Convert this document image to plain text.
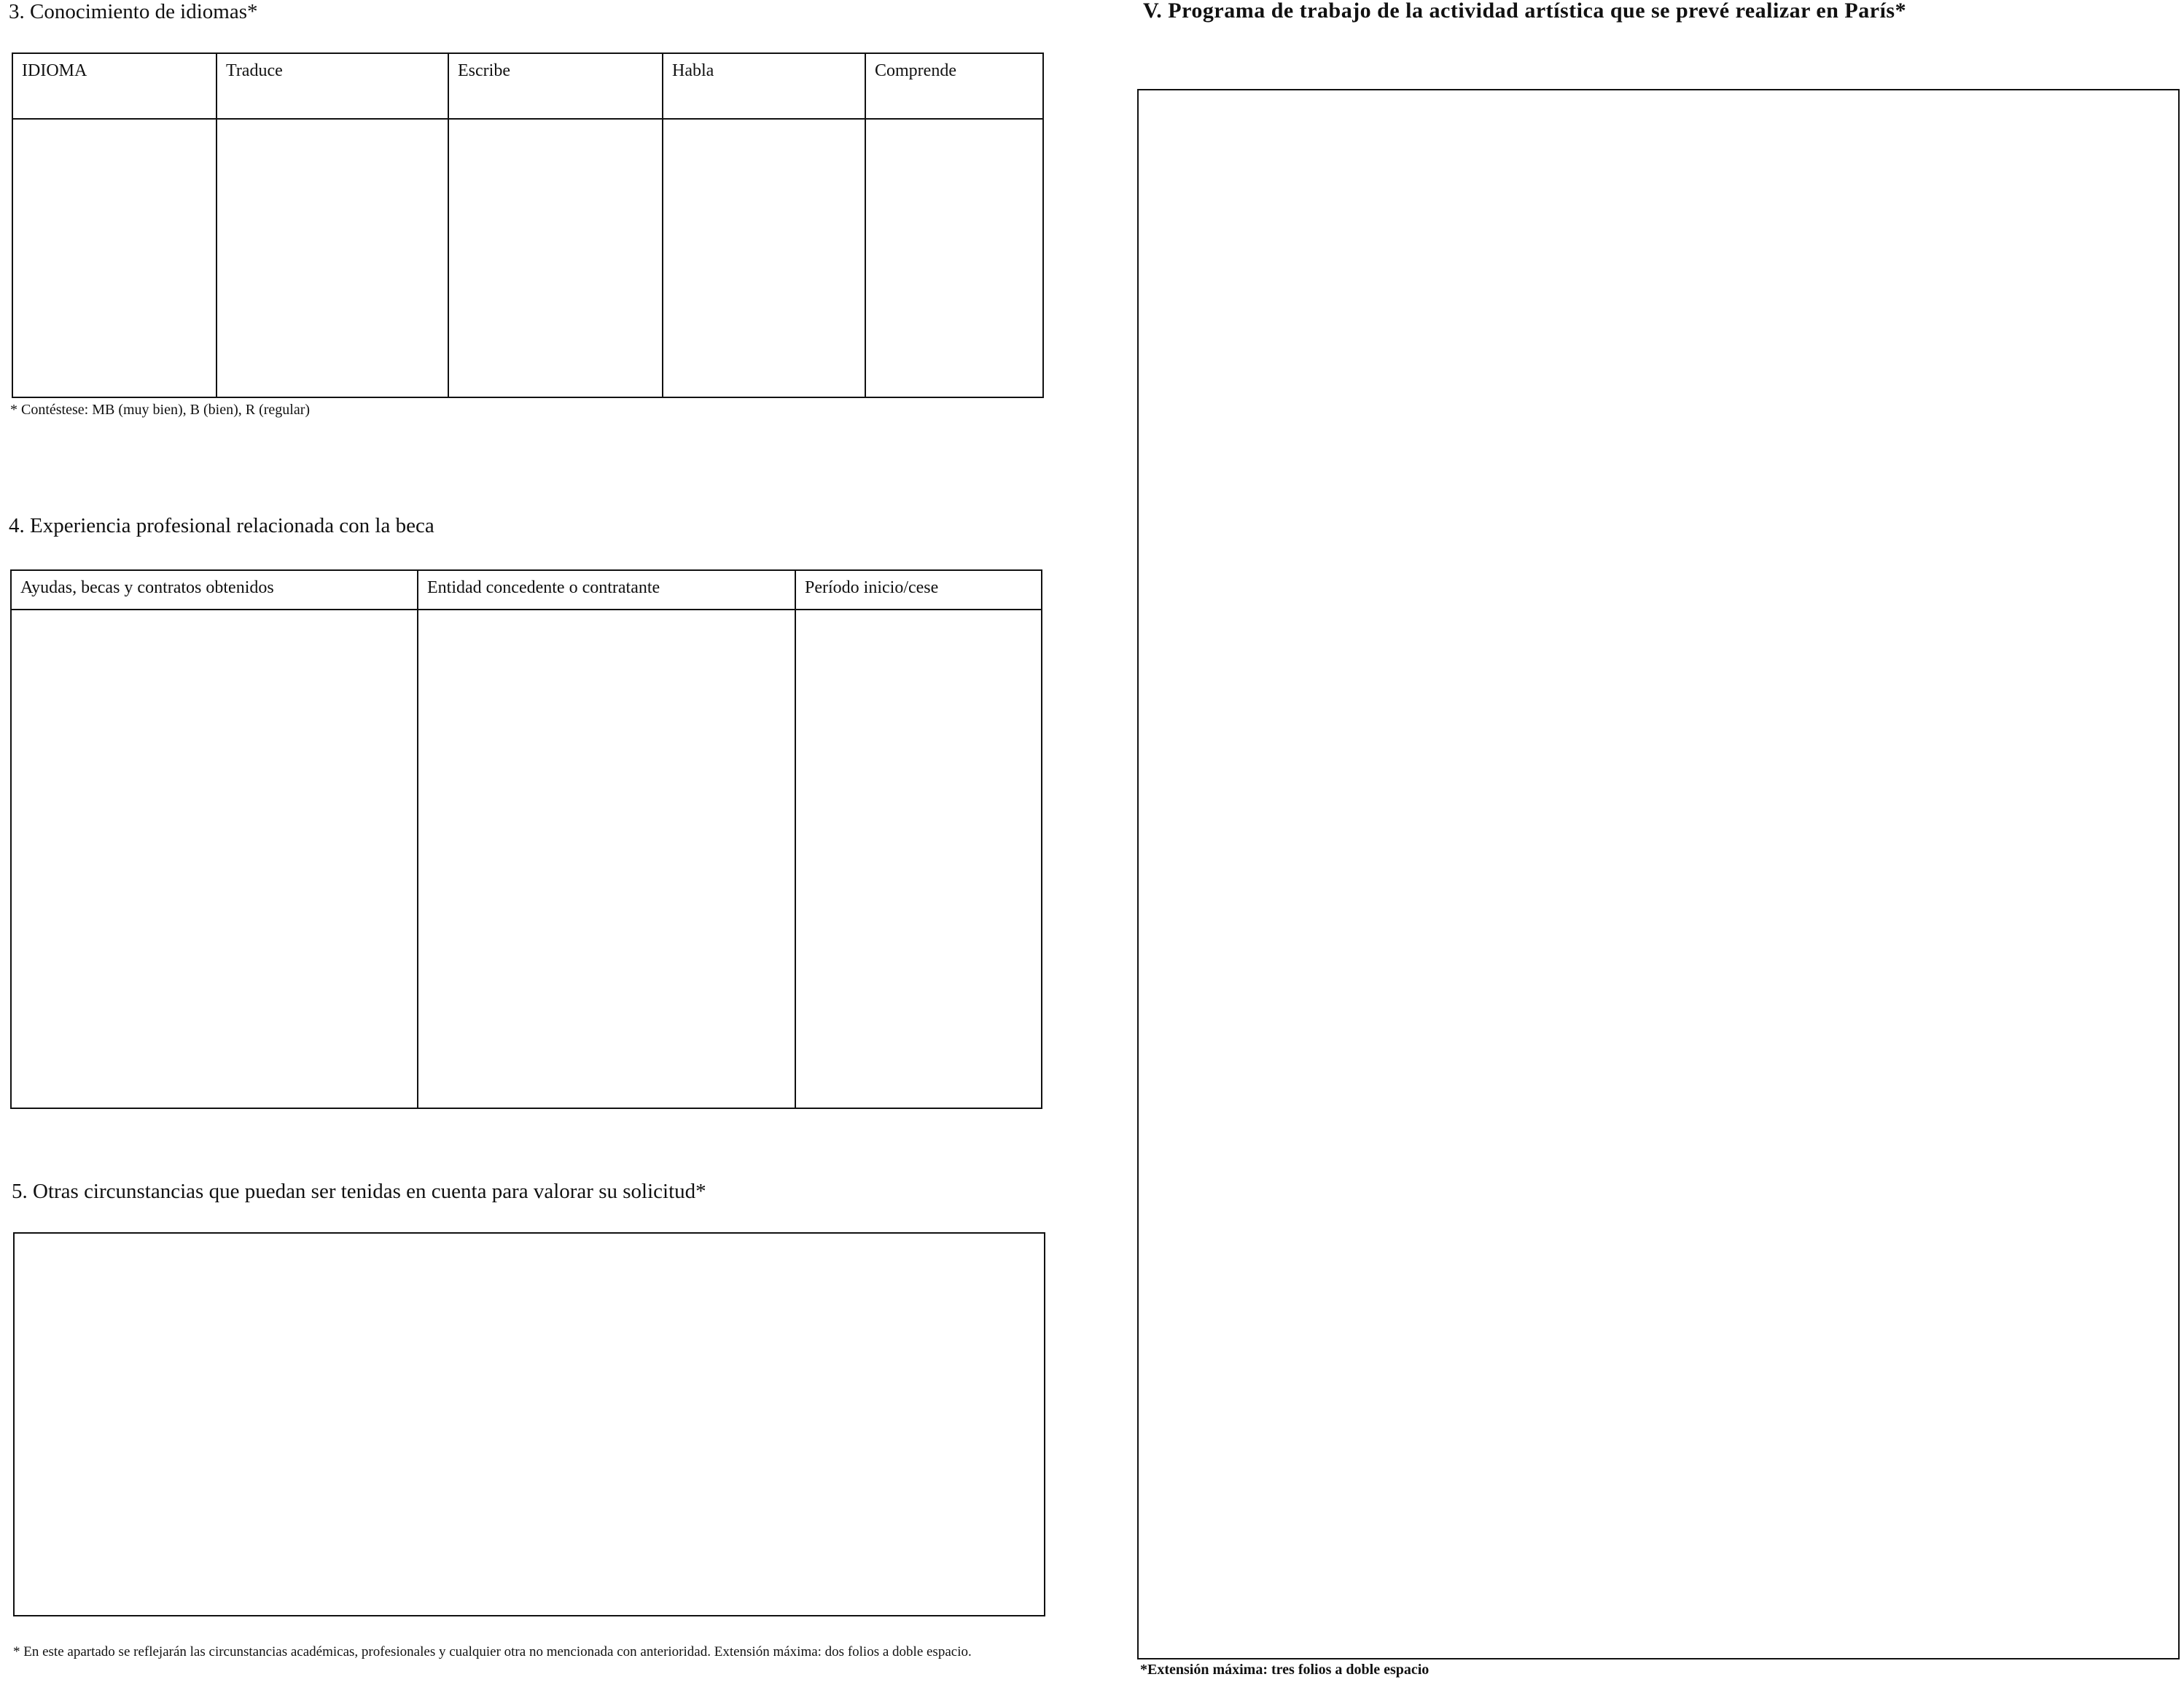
3. Conocimiento de idiomas*
IDIOMA	Traduce	Escribe	Habla	Comprende

* Contéstese: MB (muy bien), B (bien), R (regular)
4. Experiencia profesional relacionada con la beca
Ayudas, becas y contratos obtenidos	Entidad concedente o contratante	Período inicio/cese

5. Otras circunstancias que puedan ser tenidas en cuenta para valorar su solicitud*
* En este apartado se reflejarán las circunstancias académicas, profesionales y cualquier otra no mencionada con anterioridad. Extensión máxima: dos folios a doble espacio.
V. Programa de trabajo de la actividad artística que se prevé realizar en París*
*Extensión máxima: tres folios a doble espacio
